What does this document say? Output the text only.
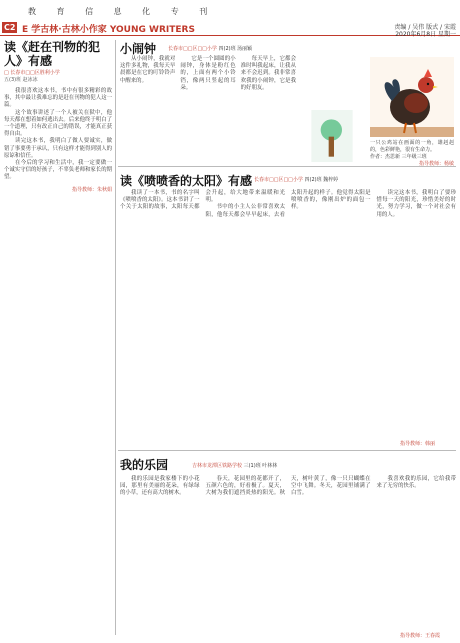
教 育 信 息 化 专 刊
C2 E 学古林·古林小作家 YOUNG WRITERS	责编 / 吴伟 版式 / 宋霞
2020年6月8日 星期一
读《赶在刊物的犯人》有感
□ 长春市□□区胜利小学
五(3)班 赵冰冰

我很喜欢这本书，书中有很多精彩的故事，其中最让我难忘的是赶在刊物的犯人这一篇。

这个故事讲述了一个人被关在狱中，他每天都在想着如何逃出去。后来他终于明白了一个道理，只有改正自己的错误，才能真正获得自由。

读完这本书，我明白了做人要诚实，做错了事要勇于承认，只有这样才能得到别人的原谅和信任。

在今后的学习和生活中，我一定要做一个诚实守信的好孩子，不辜负老师和家长的期望。

指导教师：朱秋娟
小闹钟 长春市□□区□□小学 四(2)班 汤丽颖

从小闹钟，我就对这件多礼物，我每天早晨都是在它的叮铃铃声中醒来的。

它是一个圆圆的小闹钟，身体是粉红色的，上面有两个小铃铛，像两只竖起的耳朵。

每天早上，它都会准时叫我起床，让我从来不会迟到。我非常喜欢我的小闹钟，它是我的好朋友。

一只公鸡站在画面的一角，雄赳赳的，色彩鲜艳，很有生命力。
作者：杰思新 三年级三班
指导教师：杨敏
读《喷喷香的太阳》有感 长春市□□区□□小学 四(2)班 魏梓婷

我读了一本书，书的名字叫《喷喷香的太阳》。这本书讲了一个关于太阳的故事，太阳每天都会升起，给大地带来温暖和光明。

书中的小主人公非常喜欢太阳，他每天都会早早起床，去看太阳升起的样子。他觉得太阳是喷喷香的，像刚出炉的面包一样。

读完这本书，我明白了要珍惜每一天的阳光，珍惜美好的时光，努力学习，做一个对社会有用的人。

指导教师：韩丽
我的乐园	吉林市龙潭区铁路学校 三(1)班 叶林林

我的乐园是我家楼下的小花园，那里有美丽的花朵，有绿绿的小草，还有高大的树木。

春天，花园里的花都开了，五颜六色的，好看极了。夏天，大树为我们遮挡炎热的阳光。秋天，树叶黄了，像一只只蝴蝶在空中飞舞。冬天，花园里铺满了白雪。

我喜欢我的乐园，它给我带来了无穷的快乐。

指导教师：王春霞
